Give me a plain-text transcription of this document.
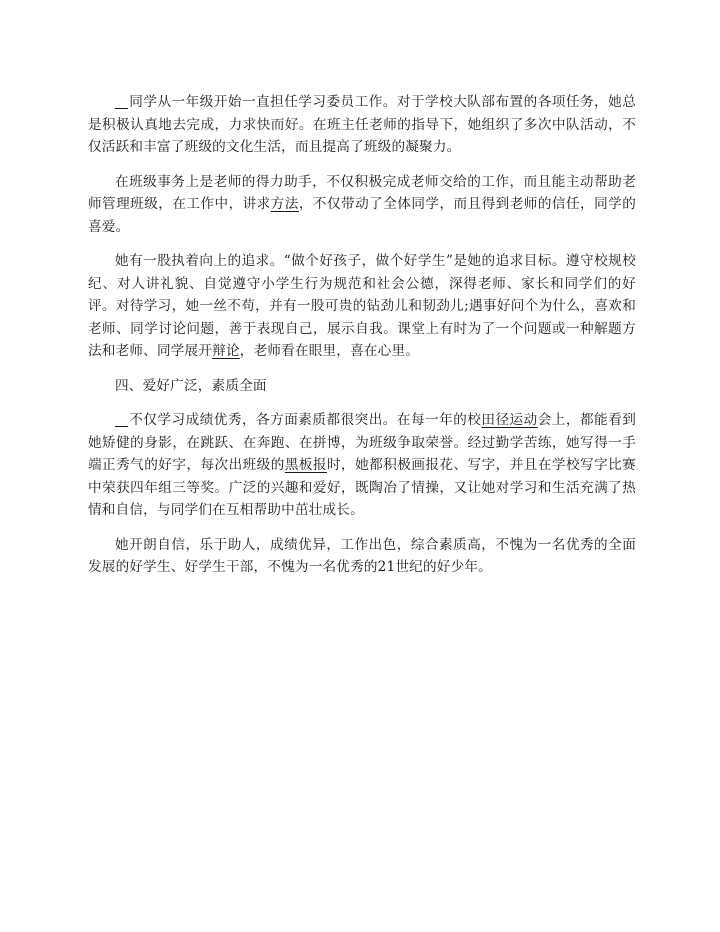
同学从一年级开始一直担任学习委员工作。对于学校大队部布置的各项任务，她总是积极认真地去完成，力求快而好。在班主任老师的指导下，她组织了多次中队活动，不仅活跃和丰富了班级的文化生活，而且提高了班级的凝聚力。

在班级事务上是老师的得力助手，不仅积极完成老师交给的工作，而且能主动帮助老师管理班级，在工作中，讲求方法，不仅带动了全体同学，而且得到老师的信任，同学的喜爱。

她有一股执着向上的追求。“做个好孩子，做个好学生”是她的追求目标。遵守校规校纪、对人讲礼貌、自觉遵守小学生行为规范和社会公德，深得老师、家长和同学们的好评。对待学习，她一丝不苟，并有一股可贵的钻劲儿和韧劲儿;遇事好问个为什么，喜欢和老师、同学讨论问题，善于表现自己，展示自我。课堂上有时为了一个问题或一种解题方法和老师、同学展开辩论，老师看在眼里，喜在心里。

四、爱好广泛，素质全面

不仅学习成绩优秀，各方面素质都很突出。在每一年的校田径运动会上，都能看到她矫健的身影，在跳跃、在奔跑、在拼博，为班级争取荣誉。经过勤学苦练，她写得一手端正秀气的好字，每次出班级的黑板报时，她都积极画报花、写字，并且在学校写字比赛中荣获四年组三等奖。广泛的兴趣和爱好，既陶冶了情操，又让她对学习和生活充满了热情和自信，与同学们在互相帮助中茁壮成长。

她开朗自信，乐于助人，成绩优异，工作出色，综合素质高，不愧为一名优秀的全面发展的好学生、好学生干部，不愧为一名优秀的21世纪的好少年。
